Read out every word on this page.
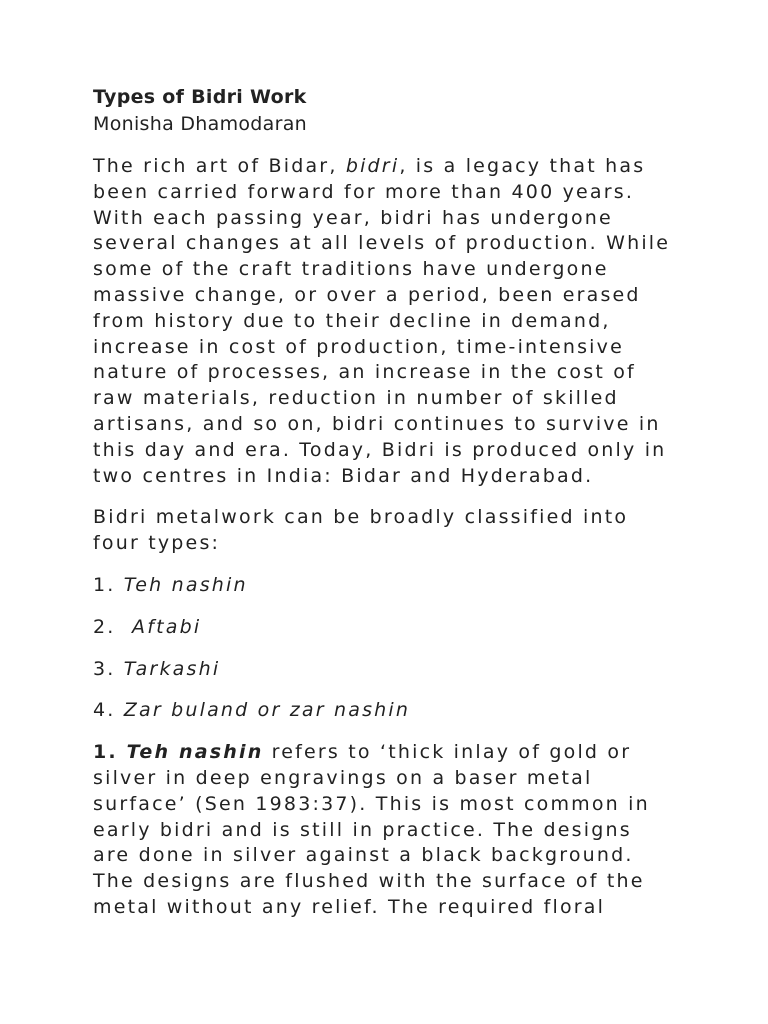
Types of Bidri Work

Monisha Dhamodaran

The rich art of Bidar, bidri, is a legacy that has
been carried forward for more than 400 years.
With each passing year, bidri has undergone
several changes at all levels of production. While
some of the craft traditions have undergone
massive change, or over a period, been erased
from history due to their decline in demand,
increase in cost of production, time-intensive
nature of processes, an increase in the cost of
raw materials, reduction in number of skilled
artisans, and so on, bidri continues to survive in
this day and era. Today, Bidri is produced only in
two centres in India: Bidar and Hyderabad.

Bidri metalwork can be broadly classified into
four types:

1. Teh nashin

2.  Aftabi

3. Tarkashi

4. Zar buland or zar nashin

1. Teh nashin refers to ‘thick inlay of gold or
silver in deep engravings on a baser metal
surface’ (Sen 1983:37). This is most common in
early bidri and is still in practice. The designs
are done in silver against a black background.
The designs are flushed with the surface of the
metal without any relief. The required floral
